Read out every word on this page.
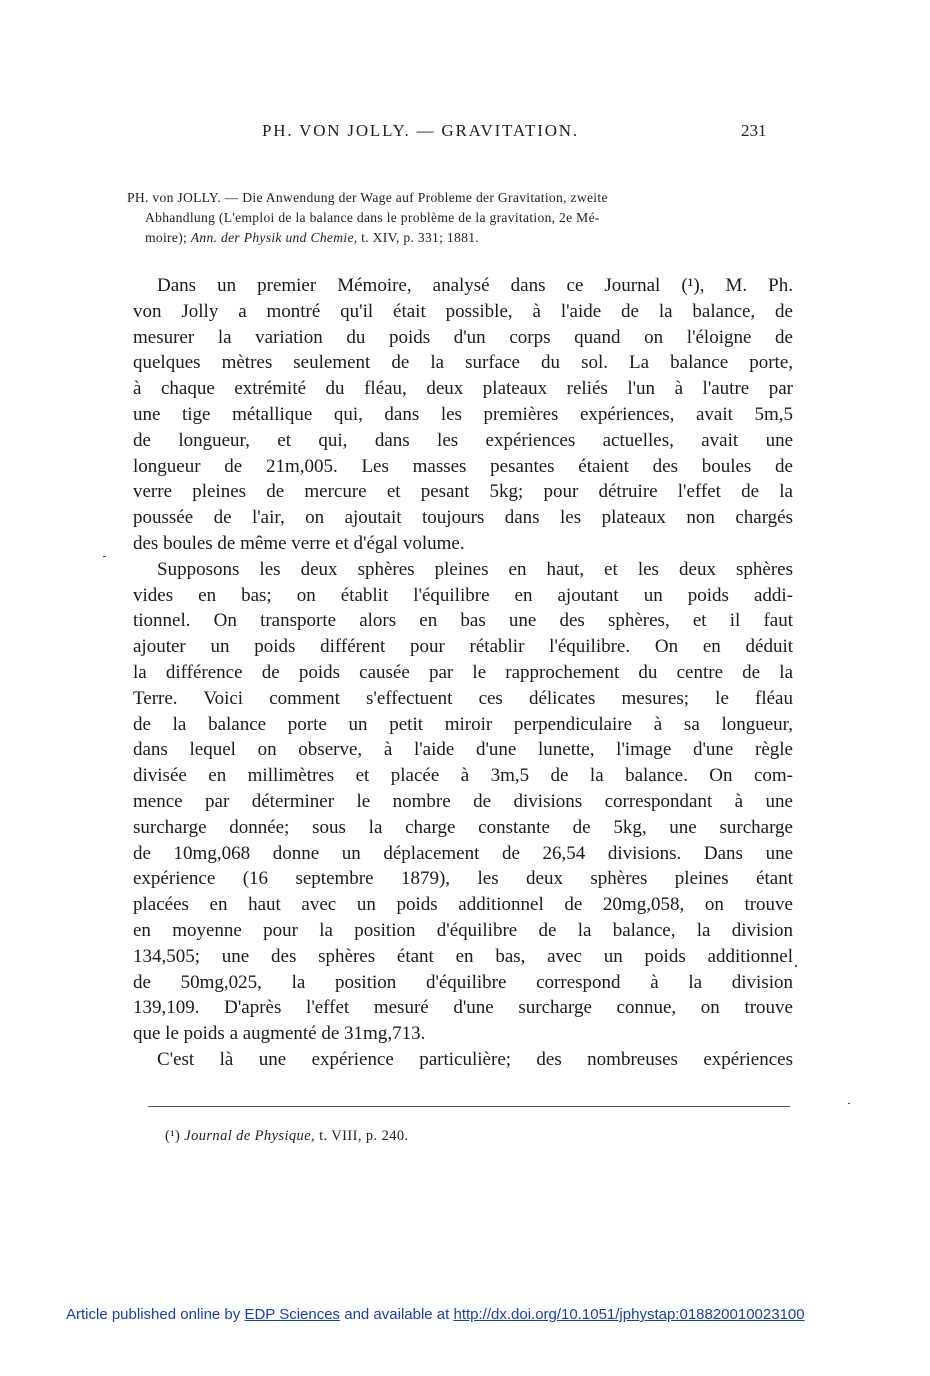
PH. VON JOLLY. — GRAVITATION.	231
PH. von JOLLY. — Die Anwendung der Wage auf Probleme der Gravitation, zweite
Abhandlung (L'emploi de la balance dans le problème de la gravitation, 2e Mé-
moire); Ann. der Physik und Chemie, t. XIV, p. 331; 1881.
Dans un premier Mémoire, analysé dans ce Journal (¹), M. Ph.
von Jolly a montré qu'il était possible, à l'aide de la balance, de
mesurer la variation du poids d'un corps quand on l'éloigne de
quelques mètres seulement de la surface du sol. La balance porte,
à chaque extrémité du fléau, deux plateaux reliés l'un à l'autre par
une tige métallique qui, dans les premières expériences, avait 5m,5
de longueur, et qui, dans les expériences actuelles, avait une
longueur de 21m,005. Les masses pesantes étaient des boules de
verre pleines de mercure et pesant 5kg; pour détruire l'effet de la
poussée de l'air, on ajoutait toujours dans les plateaux non chargés
des boules de même verre et d'égal volume.
Supposons les deux sphères pleines en haut, et les deux sphères
vides en bas; on établit l'équilibre en ajoutant un poids addi-
tionnel. On transporte alors en bas une des sphères, et il faut
ajouter un poids différent pour rétablir l'équilibre. On en déduit
la différence de poids causée par le rapprochement du centre de la
Terre. Voici comment s'effectuent ces délicates mesures; le fléau
de la balance porte un petit miroir perpendiculaire à sa longueur,
dans lequel on observe, à l'aide d'une lunette, l'image d'une règle
divisée en millimètres et placée à 3m,5 de la balance. On com-
mence par déterminer le nombre de divisions correspondant à une
surcharge donnée; sous la charge constante de 5kg, une surcharge
de 10mg,068 donne un déplacement de 26,54 divisions. Dans une
expérience (16 septembre 1879), les deux sphères pleines étant
placées en haut avec un poids additionnel de 20mg,058, on trouve
en moyenne pour la position d'équilibre de la balance, la division
134,505; une des sphères étant en bas, avec un poids additionnel
de 50mg,025, la position d'équilibre correspond à la division
139,109. D'après l'effet mesuré d'une surcharge connue, on trouve
que le poids a augmenté de 31mg,713.
C'est là une expérience particulière; des nombreuses expériences
(¹) Journal de Physique, t. VIII, p. 240.
Article published online by EDP Sciences and available at http://dx.doi.org/10.1051/jphystap:018820010023100
